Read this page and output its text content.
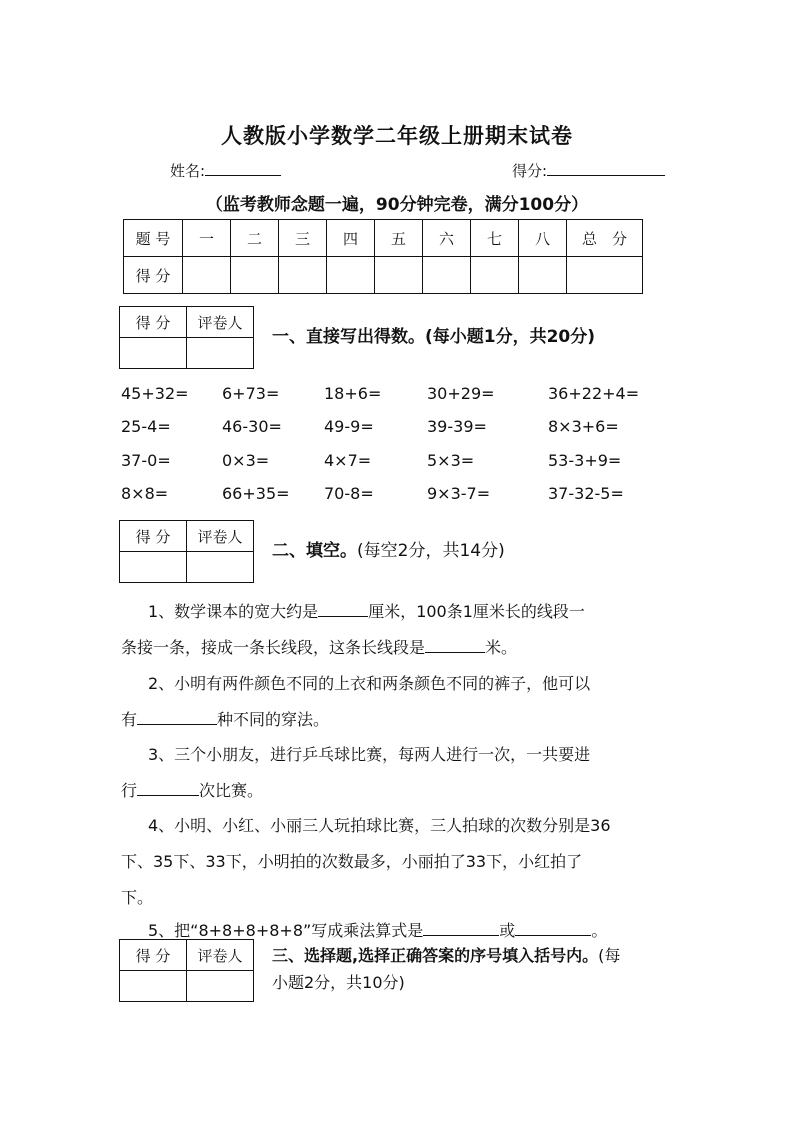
人教版小学数学二年级上册期末试卷
姓名:	得分:
（监考教师念题一遍，90分钟完卷，满分100分）
题 号	一	二	三	四	五	六	七	八	总　分
得 分									
得 分	评卷人

一、直接写出得数。(每小题1分，共20分)
45+32= 6+73=	18+6=	30+29=	36+22+4=
25-4=	46-30=	49-9=	39-39=	8×3+6=
37-0=	0×3=	4×7=	5×3=	53-3+9=
8×8=	66+35= 70-8=	9×3-7=	37-32-5=
得 分	评卷人

二、填空。(每空2分，共14分)
1、数学课本的宽大约是	厘米，100条1厘米长的线段一
条接一条，接成一条长线段，这条长线段是	米。
2、小明有两件颜色不同的上衣和两条颜色不同的裤子，他可以
有	种不同的穿法。
3、三个小朋友，进行乒乓球比赛，每两人进行一次，一共要进
行	次比赛。
4、小明、小红、小丽三人玩拍球比赛，三人拍球的次数分别是36
下、35下、33下，小明拍的次数最多，小丽拍了33下，小红拍了
下。
5、把“8+8+8+8+8”写成乘法算式是	或	。
得 分	评卷人
	三、选择题,选择正确答案的序号填入括号内。(每
小题2分，共10分)
